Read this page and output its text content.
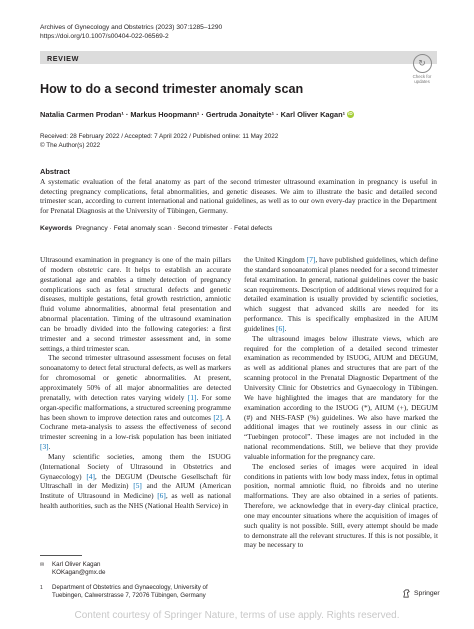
Archives of Gynecology and Obstetrics (2023) 307:1285–1290
https://doi.org/10.1007/s00404-022-06569-2
REVIEW	↻
Check for updates
How to do a second trimester anomaly scan
Natalia Carmen Prodan¹ · Markus Hoopmann¹ · Gertruda Jonaityte¹ · Karl Oliver Kagan¹ iD
Received: 28 February 2022 / Accepted: 7 April 2022 / Published online: 11 May 2022
© The Author(s) 2022
Abstract
A systematic evaluation of the fetal anatomy as part of the second trimester ultrasound examination in pregnancy is useful in detecting pregnancy complications, fetal abnormalities, and genetic diseases. We aim to illustrate the basic and detailed second trimester scan, according to current international and national guidelines, as well as to our own every-day practice in the Department for Prenatal Diagnosis at the University of Tübingen, Germany.
Keywords Pregnancy · Fetal anomaly scan · Second trimester · Fetal defects

Ultrasound examination in pregnancy is one of the main pillars of modern obstetric care. It helps to establish an accurate gestational age and enables a timely detection of pregnancy complications such as fetal structural defects and genetic diseases, multiple gestations, fetal growth restriction, amniotic fluid volume abnormalities, abnormal fetal presentation and abnormal placentation. Timing of the ultrasound examination can be broadly divided into the following categories: a first trimester and a second trimester assessment and, in some settings, a third trimester scan.

The second trimester ultrasound assessment focuses on fetal sonoanatomy to detect fetal structural defects, as well as markers for chromosomal or genetic abnormalities. At present, approximately 50% of all major abnormalities are detected prenatally, with detection rates varying widely [1]. For some organ-specific malformations, a structured screening programme has been shown to improve detection rates and outcomes [2]. A Cochrane meta-analysis to assess the effectiveness of second trimester screening in a low-risk population has been initiated [3].

Many scientific societies, among them the ISUOG (International Society of Ultrasound in Obstetrics and Gynaecology) [4], the DEGUM (Deutsche Gesellschaft für Ultraschall in der Medizin) [5] and the AIUM (American Institute of Ultrasound in Medicine) [6], as well as national health authorities, such as the NHS (National Health Service) in

the United Kingdom [7], have published guidelines, which define the standard sonoanatomical planes needed for a second trimester fetal examination. In general, national guidelines cover the basic scan requirements. Description of additional views required for a detailed examination is usually provided by scientific societies, which suggest that advanced skills are needed for its performance. This is specifically emphasized in the AIUM guidelines [6].

The ultrasound images below illustrate views, which are required for the completion of a detailed second trimester examination as recommended by ISUOG, AIUM and DEGUM, as well as additional planes and structures that are part of the scanning protocol in the Prenatal Diagnostic Department of the University Clinic for Obstetrics and Gynaecology in Tübingen. We have highlighted the images that are mandatory for the examination according to the ISUOG (*), AIUM (+), DEGUM (#) and NHS-FASP (%) guidelines. We also have marked the additional images that we routinely assess in our clinic as “Tuebingen protocol”. These images are not included in the national recommendations. Still, we believe that they provide valuable information for the pregnancy care.

The enclosed series of images were acquired in ideal conditions in patients with low body mass index, fetus in optimal position, normal amniotic fluid, no fibroids and no uterine malformations. They are also obtained in a series of patients. Therefore, we acknowledge that in every-day clinical practice, one may encounter situations where the acquisition of images of such quality is not possible. Still, every attempt should be made to demonstrate all the relevant structures. If this is not possible, it may be necessary to

✉	Karl Oliver Kagan
KOKagan@gmx.de
1	Department of Obstetrics and Gynaecology, University of Tuebingen, Calwerstrasse 7, 72076 Tübingen, Germany	Springer
Content courtesy of Springer Nature, terms of use apply. Rights reserved.
